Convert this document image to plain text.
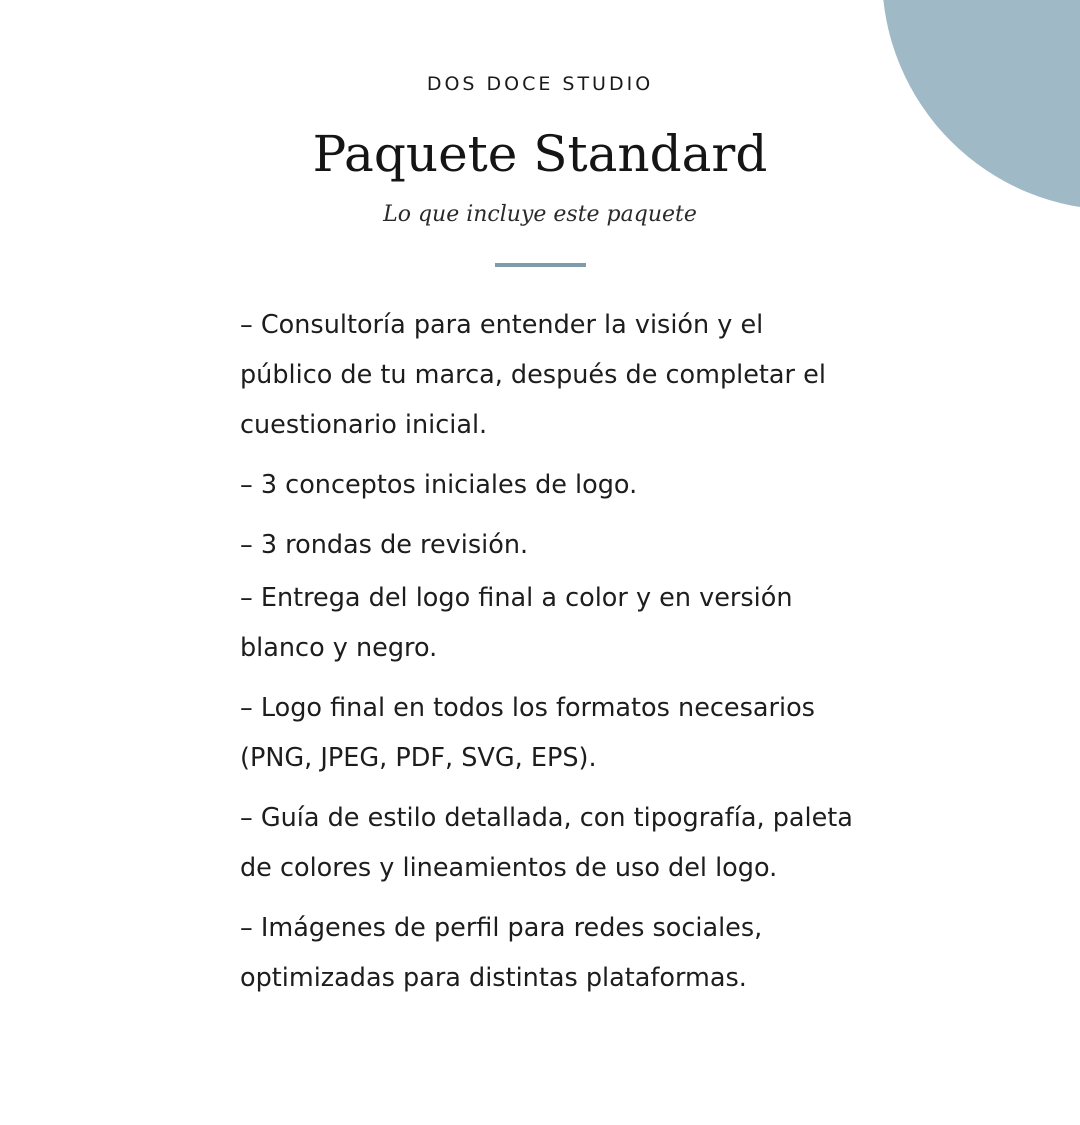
DOS DOCE STUDIO
Paquete Standard
Lo que incluye este paquete
– Consultoría para entender la visión y el público de tu marca, después de completar el cuestionario inicial.
– 3 conceptos iniciales de logo.
– 3 rondas de revisión.
– Entrega del logo final a color y en versión blanco y negro.
– Logo final en todos los formatos necesarios (PNG, JPEG, PDF, SVG, EPS).
– Guía de estilo detallada, con tipografía, paleta de colores y lineamientos de uso del logo.
– Imágenes de perfil para redes sociales, optimizadas para distintas plataformas.
